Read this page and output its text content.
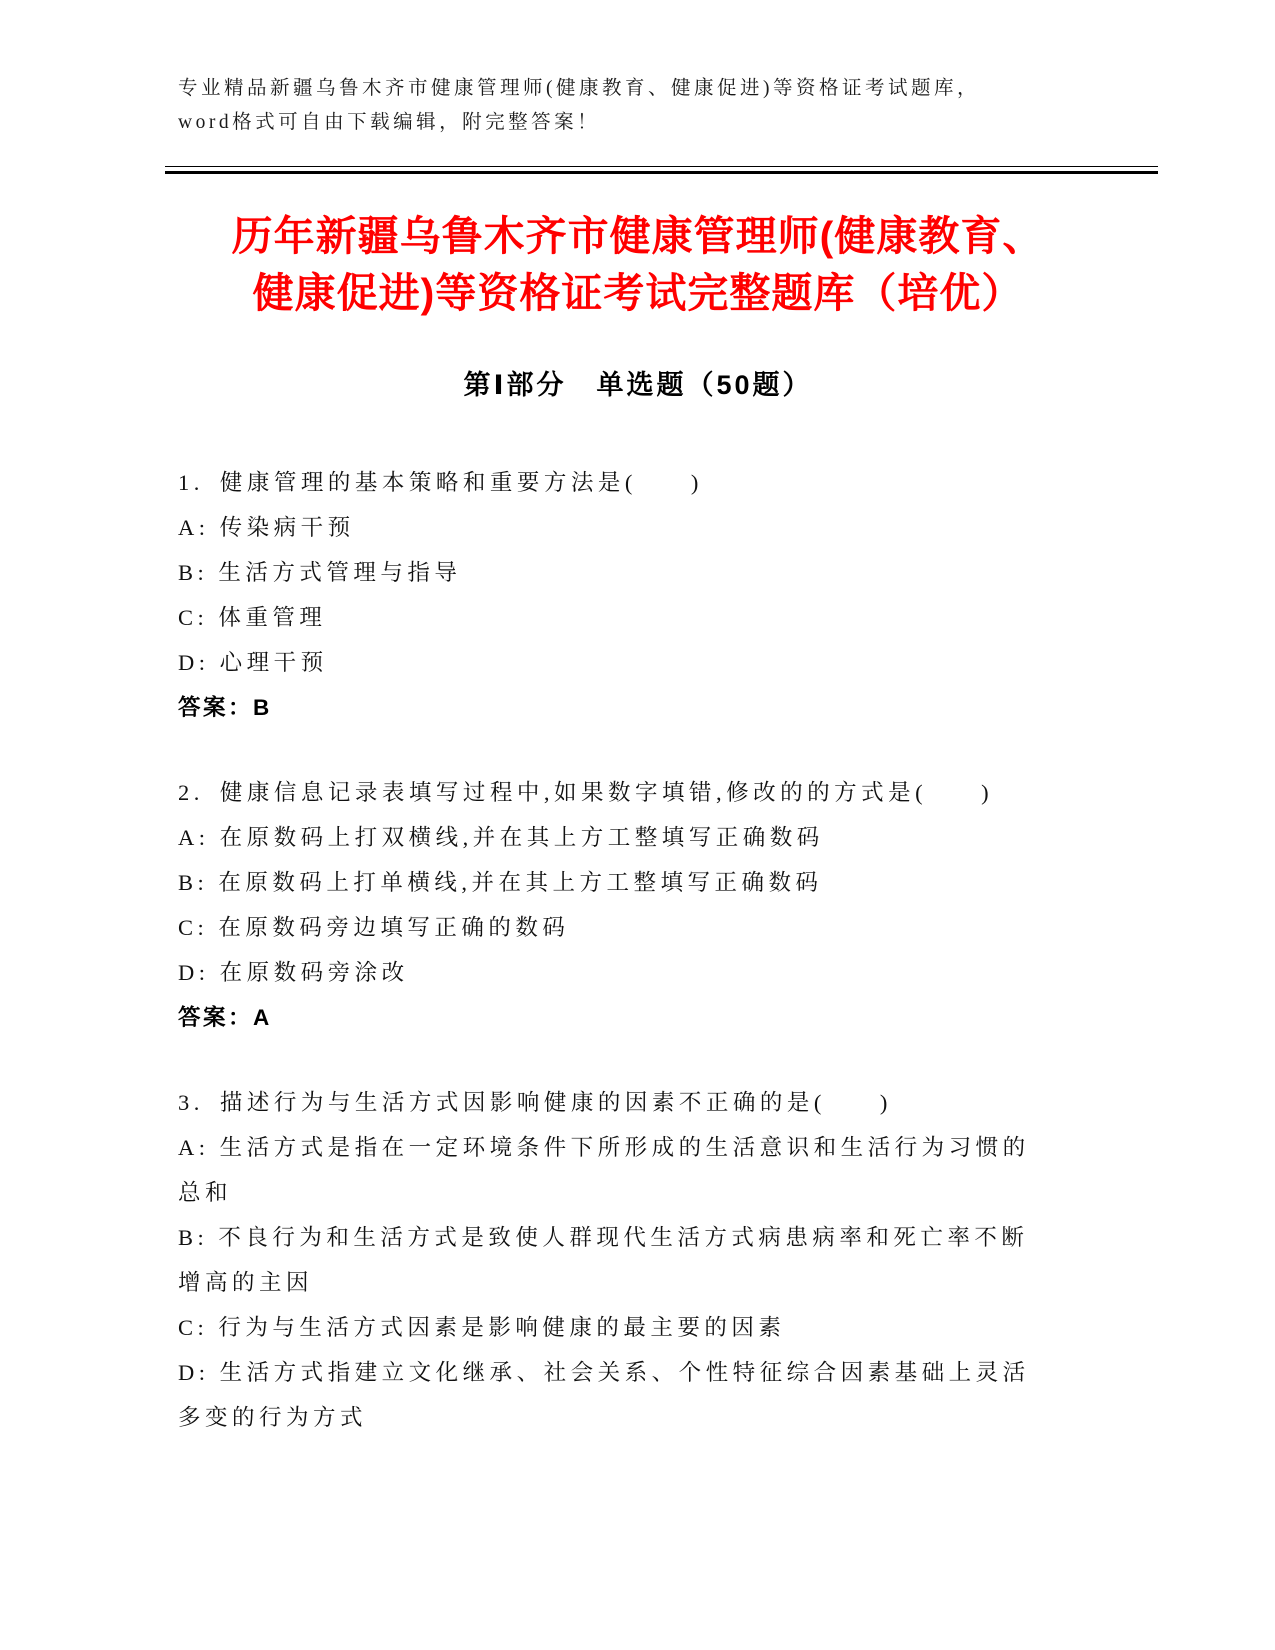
专业精品新疆乌鲁木齐市健康管理师(健康教育、健康促进)等资格证考试题库，word格式可自由下载编辑，附完整答案！
历年新疆乌鲁木齐市健康管理师(健康教育、
健康促进)等资格证考试完整题库（培优）
第Ⅰ部分　单选题（50题）

1. 健康管理的基本策略和重要方法是(　　)

A: 传染病干预

B: 生活方式管理与指导

C: 体重管理

D: 心理干预

答案：B

2. 健康信息记录表填写过程中,如果数字填错,修改的的方式是(　　)

A: 在原数码上打双横线,并在其上方工整填写正确数码

B: 在原数码上打单横线,并在其上方工整填写正确数码

C: 在原数码旁边填写正确的数码

D: 在原数码旁涂改

答案：A

3. 描述行为与生活方式因影响健康的因素不正确的是(　　)

A: 生活方式是指在一定环境条件下所形成的生活意识和生活行为习惯的总和

B: 不良行为和生活方式是致使人群现代生活方式病患病率和死亡率不断增高的主因

C: 行为与生活方式因素是影响健康的最主要的因素

D: 生活方式指建立文化继承、社会关系、个性特征综合因素基础上灵活多变的行为方式
